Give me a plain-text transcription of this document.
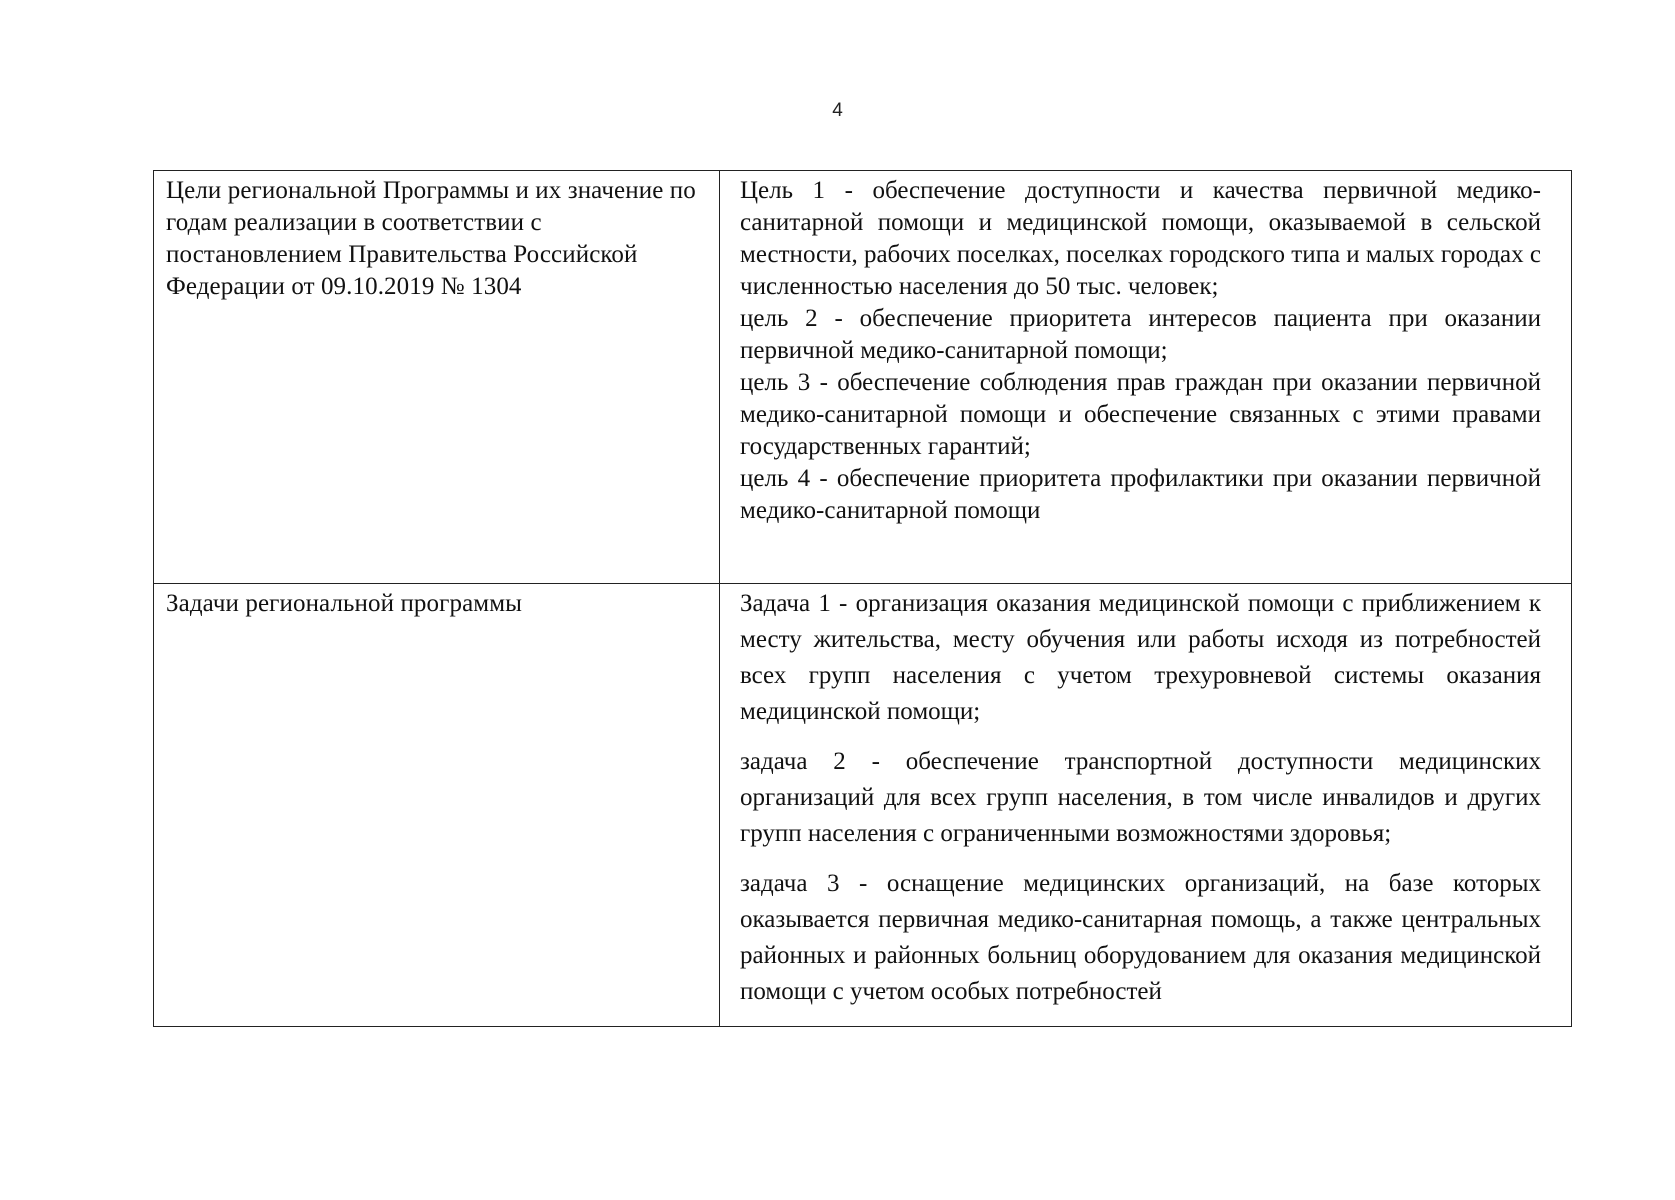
4
Цели региональной Программы и их значение по годам реализации в соответствии с постановлением Правительства Российской Федерации от 09.10.2019 № 1304	Цель 1 - обеспечение доступности и качества первичной медико-санитарной помощи и медицинской помощи, оказываемой в сельской местности, рабочих поселках, поселках городского типа и малых городах с численностью населения до 50 тыс. человек;

цель 2 - обеспечение приоритета интересов пациента при оказании первичной медико-санитарной помощи;

цель 3 - обеспечение соблюдения прав граждан при оказании первичной медико-санитарной помощи и обеспечение связанных с этими правами государственных гарантий;

цель 4 - обеспечение приоритета профилактики при оказании первичной медико-санитарной помощи

Задачи региональной программы	Задача 1 - организация оказания медицинской помощи с приближением к месту жительства, месту обучения или работы исходя из потребностей всех групп населения с учетом трехуровневой системы оказания медицинской помощи;

задача 2 - обеспечение транспортной доступности медицинских организаций для всех групп населения, в том числе инвалидов и других групп населения с ограниченными возможностями здоровья;

задача 3 - оснащение медицинских организаций, на базе которых оказывается первичная медико-санитарная помощь, а также центральных районных и районных больниц оборудованием для оказания медицинской помощи с учетом особых потребностей
